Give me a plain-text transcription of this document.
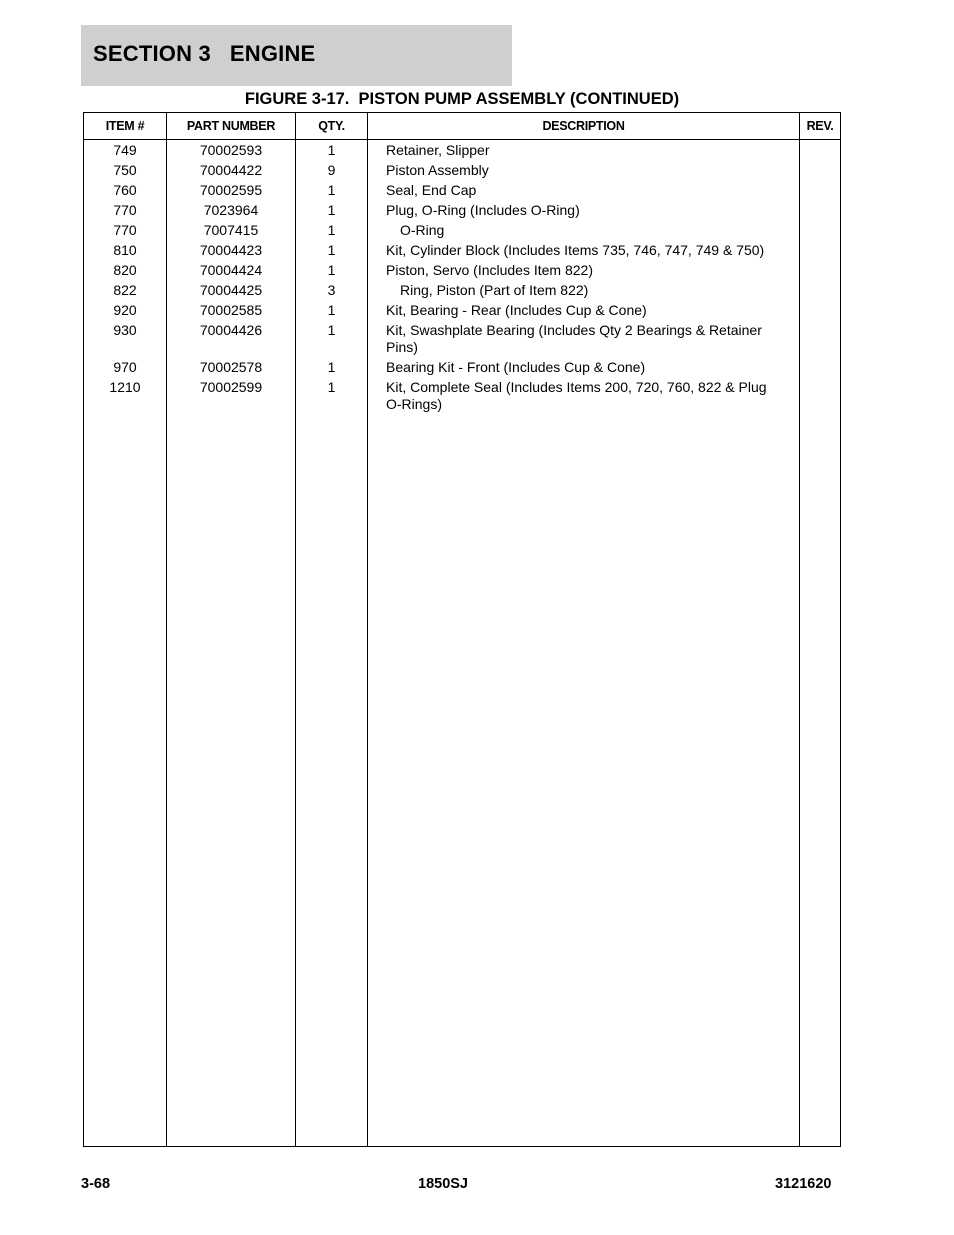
SECTION 3   ENGINE
FIGURE 3-17.  PISTON PUMP ASSEMBLY (CONTINUED)
ITEM #	PART NUMBER	QTY.	DESCRIPTION	REV.
749	70002593	1	Retainer, Slipper
750	70004422	9	Piston Assembly
760	70002595	1	Seal, End Cap
770	7023964	1	Plug, O-Ring (Includes O-Ring)
770	7007415	1	O-Ring
810	70004423	1	Kit, Cylinder Block (Includes Items 735, 746, 747, 749 & 750)
820	70004424	1	Piston, Servo (Includes Item 822)
822	70004425	3	Ring, Piston (Part of Item 822)
920	70002585	1	Kit, Bearing - Rear (Includes Cup & Cone)
930	70004426	1	Kit, Swashplate Bearing (Includes Qty 2 Bearings & Retainer Pins)
970	70002578	1	Bearing Kit - Front (Includes Cup & Cone)
1210	70002599	1	Kit, Complete Seal (Includes Items 200, 720, 760, 822 & Plug O-Rings)
3-68	1850SJ	3121620
